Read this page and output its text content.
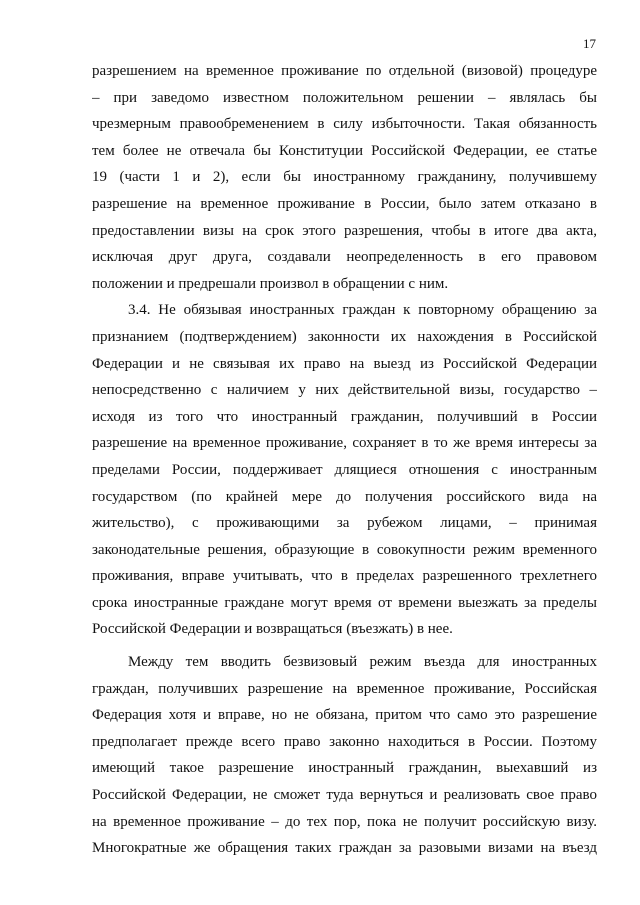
17
разрешением на временное проживание по отдельной (визовой) процедуре
– при заведомо известном положительном решении – являлась бы
чрезмерным правообременением в силу избыточности. Такая обязанность
тем более не отвечала бы Конституции Российской Федерации, ее статье
19 (части 1 и 2), если бы иностранному гражданину, получившему
разрешение на временное проживание в России, было затем отказано в
предоставлении визы на срок этого разрешения, чтобы в итоге два акта,
исключая друг друга, создавали неопределенность в его правовом
положении и предрешали произвол в обращении с ним.
3.4. Не обязывая иностранных граждан к повторному обращению за
признанием (подтверждением) законности их нахождения в Российской
Федерации и не связывая их право на выезд из Российской Федерации
непосредственно с наличием у них действительной визы, государство –
исходя из того что иностранный гражданин, получивший в России
разрешение на временное проживание, сохраняет в то же время интересы за
пределами России, поддерживает длящиеся отношения с иностранным
государством (по крайней мере до получения российского вида на
жительство), с проживающими за рубежом лицами, – принимая
законодательные решения, образующие в совокупности режим временного
проживания, вправе учитывать, что в пределах разрешенного трехлетнего
срока иностранные граждане могут время от времени выезжать за пределы
Российской Федерации и возвращаться (въезжать) в нее.
Между тем вводить безвизовый режим въезда для иностранных
граждан, получивших разрешение на временное проживание, Российская
Федерация хотя и вправе, но не обязана, притом что само это разрешение
предполагает прежде всего право законно находиться в России. Поэтому
имеющий такое разрешение иностранный гражданин, выехавший из
Российской Федерации, не сможет туда вернуться и реализовать свое право
на временное проживание – до тех пор, пока не получит российскую визу.
Многократные же обращения таких граждан за разовыми визами на въезд
